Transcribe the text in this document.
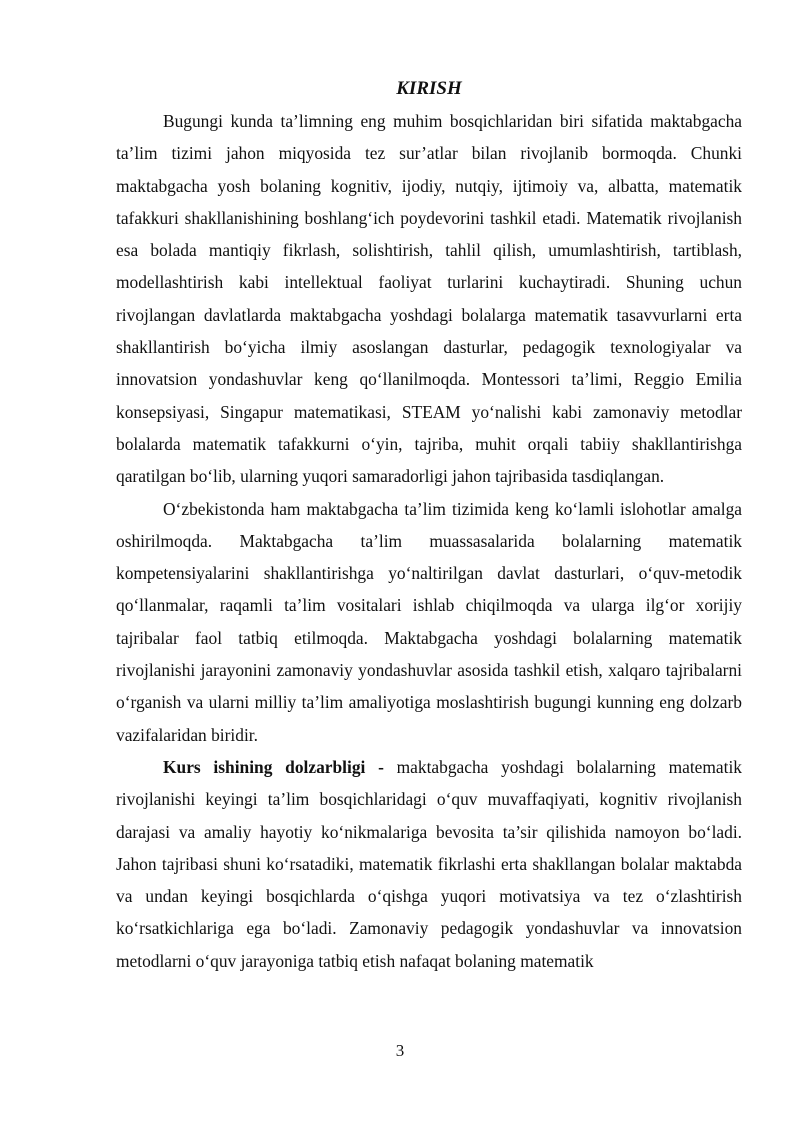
KIRISH

Bugungi kunda ta’limning eng muhim bosqichlaridan biri sifatida maktabgacha ta’lim tizimi jahon miqyosida tez sur’atlar bilan rivojlanib bormoqda. Chunki maktabgacha yosh bolaning kognitiv, ijodiy, nutqiy, ijtimoiy va, albatta, matematik tafakkuri shakllanishining boshlang‘ich poydevorini tashkil etadi. Matematik rivojlanish esa bolada mantiqiy fikrlash, solishtirish, tahlil qilish, umumlashtirish, tartiblash, modellashtirish kabi intellektual faoliyat turlarini kuchaytiradi. Shuning uchun rivojlangan davlatlarda maktabgacha yoshdagi bolalarga matematik tasavvurlarni erta shakllantirish bo‘yicha ilmiy asoslangan dasturlar, pedagogik texnologiyalar va innovatsion yondashuvlar keng qo‘llanilmoqda. Montessori ta’limi, Reggio Emilia konsepsiyasi, Singapur matematikasi, STEAM yo‘nalishi kabi zamonaviy metodlar bolalarda matematik tafakkurni o‘yin, tajriba, muhit orqali tabiiy shakllantirishga qaratilgan bo‘lib, ularning yuqori samaradorligi jahon tajribasida tasdiqlangan.

O‘zbekistonda ham maktabgacha ta’lim tizimida keng ko‘lamli islohotlar amalga oshirilmoqda. Maktabgacha ta’lim muassasalarida bolalarning matematik kompetensiyalarini shakllantirishga yo‘naltirilgan davlat dasturlari, o‘quv-metodik qo‘llanmalar, raqamli ta’lim vositalari ishlab chiqilmoqda va ularga ilg‘or xorijiy tajribalar faol tatbiq etilmoqda. Maktabgacha yoshdagi bolalarning matematik rivojlanishi jarayonini zamonaviy yondashuvlar asosida tashkil etish, xalqaro tajribalarni o‘rganish va ularni milliy ta’lim amaliyotiga moslashtirish bugungi kunning eng dolzarb vazifalaridan biridir.

Kurs ishining dolzarbligi - maktabgacha yoshdagi bolalarning matematik rivojlanishi keyingi ta’lim bosqichlaridagi o‘quv muvaffaqiyati, kognitiv rivojlanish darajasi va amaliy hayotiy ko‘nikmalariga bevosita ta’sir qilishida namoyon bo‘ladi. Jahon tajribasi shuni ko‘rsatadiki, matematik fikrlashi erta shakllangan bolalar maktabda va undan keyingi bosqichlarda o‘qishga yuqori motivatsiya va tez o‘zlashtirish ko‘rsatkichlariga ega bo‘ladi. Zamonaviy pedagogik yondashuvlar va innovatsion metodlarni o‘quv jarayoniga tatbiq etish nafaqat bolaning matematik

3
